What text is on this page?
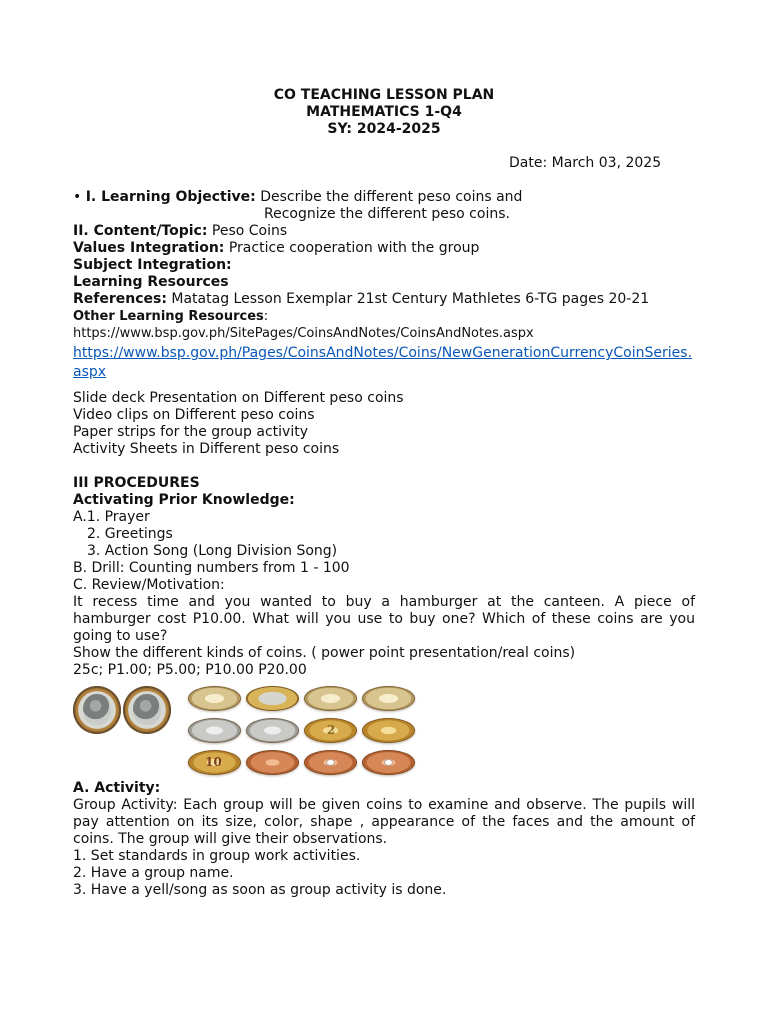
CO TEACHING LESSON PLAN
MATHEMATICS 1-Q4
SY: 2024-2025
Date: March 03, 2025
• I. Learning Objective: Describe the different peso coins and
Recognize the different peso coins.
II. Content/Topic: Peso Coins
Values Integration: Practice cooperation with the group
Subject Integration:
Learning Resources
References: Matatag Lesson Exemplar 21st Century Mathletes 6-TG pages 20-21
Other Learning Resources:
https://www.bsp.gov.ph/SitePages/CoinsAndNotes/CoinsAndNotes.aspx
https://www.bsp.gov.ph/Pages/CoinsAndNotes/Coins/NewGenerationCurrencyCoinSeries.aspx
Slide deck Presentation on Different peso coins
Video clips on Different peso coins
Paper strips for the group activity
Activity Sheets in Different peso coins
III PROCEDURES
Activating Prior Knowledge:
A.1. Prayer
2. Greetings
3. Action Song (Long Division Song)
B. Drill: Counting numbers from 1 - 100
C. Review/Motivation:
It recess time and you wanted to buy a hamburger at the canteen. A piece of hamburger cost P10.00. What will you use to buy one? Which of these coins are you going to use?
Show the different kinds of coins. ( power point presentation/real coins)
25c; P1.00; P5.00; P10.00 P20.00
2
10
A. Activity:
Group Activity: Each group will be given coins to examine and observe. The pupils will pay attention on its size, color, shape , appearance of the faces and the amount of coins. The group will give their observations.
1. Set standards in group work activities.
2. Have a group name.
3. Have a yell/song as soon as group activity is done.
